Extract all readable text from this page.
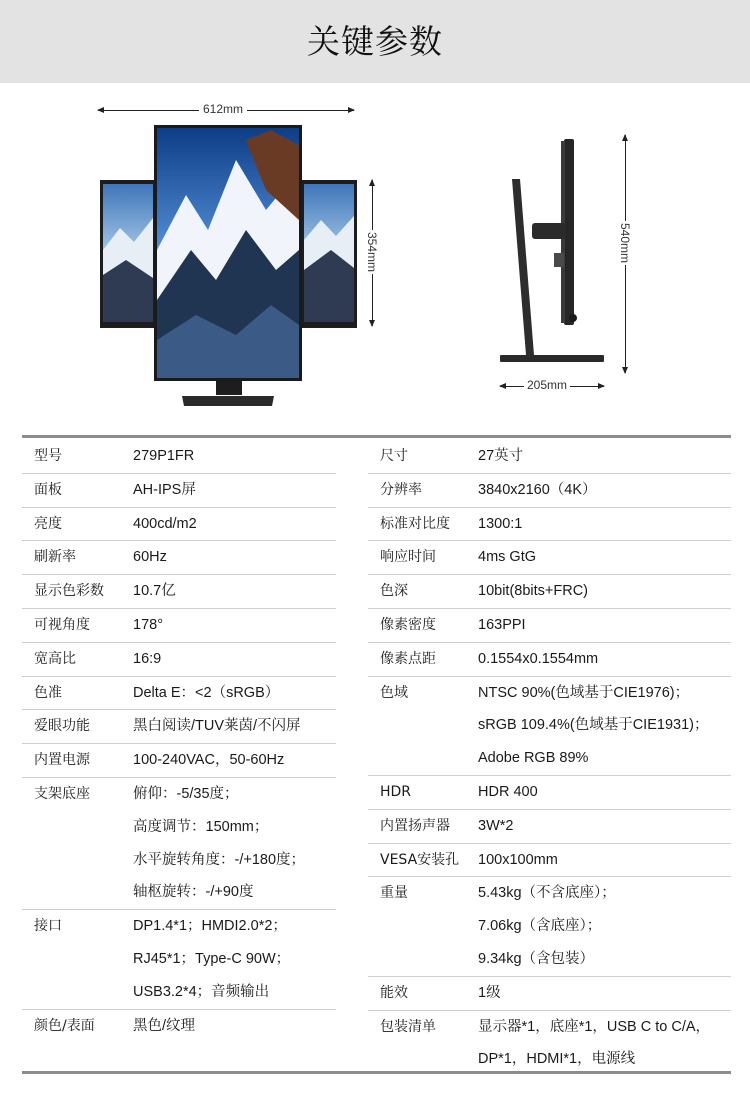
关键参数
612mm
354mm	540mm
205mm
型号	279P1FR
面板	AH-IPS屏
亮度	400cd/m2
刷新率	60Hz
显示色彩数 10.7亿
可视角度	178°
宽高比	16:9
色准	Delta E：<2（sRGB）
爱眼功能	黑白阅读/TUV莱茵/不闪屏
内置电源	100-240VAC，50-60Hz
支架底座	俯仰：-5/35度；
高度调节：150mm；
水平旋转角度：-/+180度；
轴枢旋转：-/+90度
接口	DP1.4*1；HMDI2.0*2；
RJ45*1；Type-C 90W；
USB3.2*4；音频输出
颜色/表面	黑色/纹理
尺寸	27英寸
分辨率	3840x2160（4K）
标准对比度 1300:1
响应时间	4ms GtG
色深	10bit(8bits+FRC)
像素密度	163PPI
像素点距	0.1554x0.1554mm
色域	NTSC 90%(色域基于CIE1976)；
sRGB 109.4%(色域基于CIE1931)；
Adobe RGB 89%
HDR	HDR 400
内置扬声器 3W*2
VESA安装孔 100x100mm
重量	5.43kg（不含底座）；
7.06kg（含底座）；
9.34kg（含包装）
能效	1级
包装清单	显示器*1，底座*1，USB C to C/A，
DP*1，HDMI*1，电源线
